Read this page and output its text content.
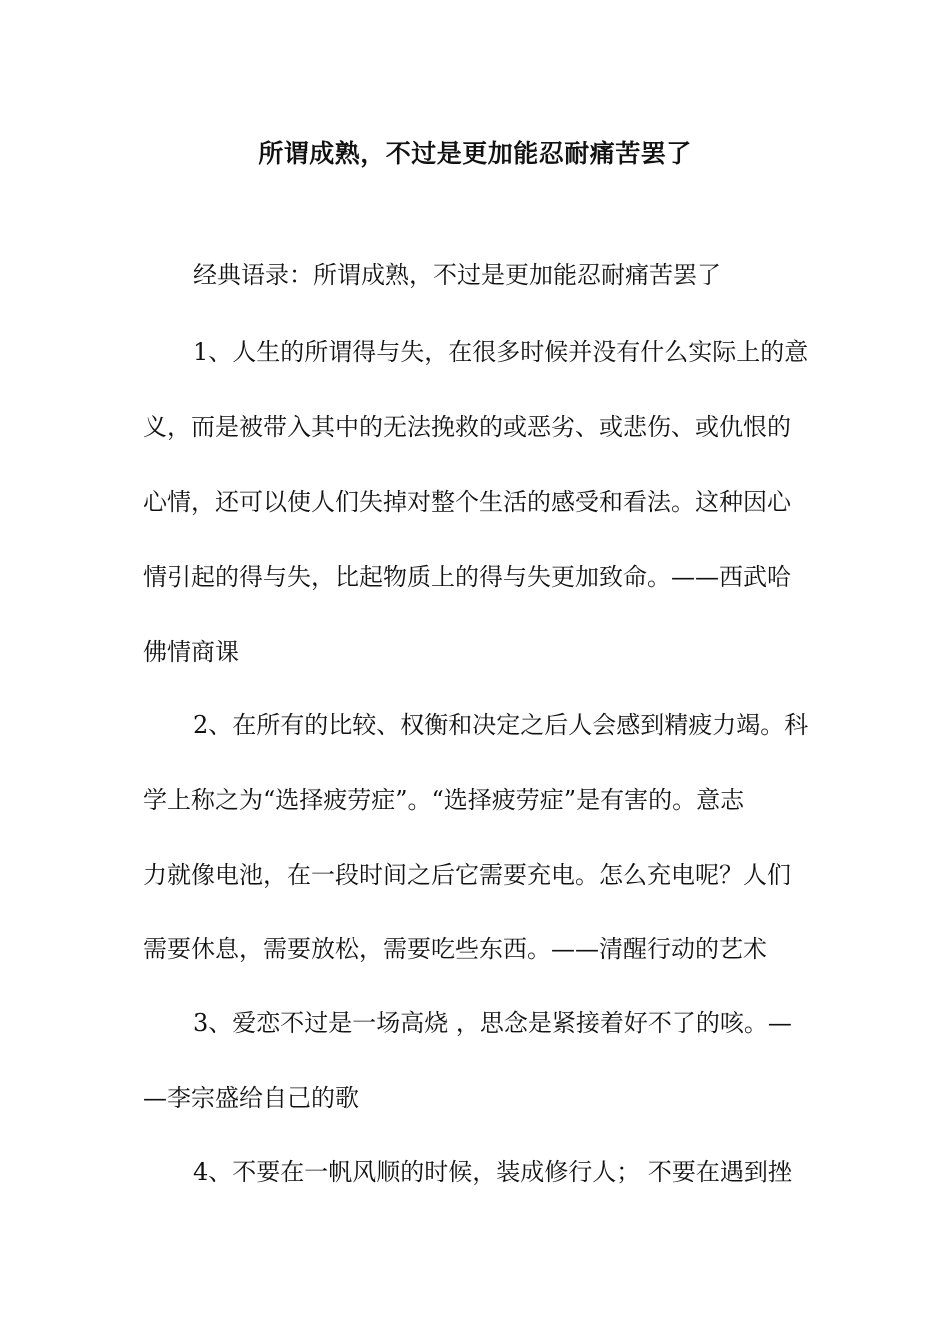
所谓成熟，不过是更加能忍耐痛苦罢了
经典语录：所谓成熟，不过是更加能忍耐痛苦罢了
1、人生的所谓得与失，在很多时候并没有什么实际上的意
义，而是被带入其中的无法挽救的或恶劣、或悲伤、或仇恨的
心情，还可以使人们失掉对整个生活的感受和看法。这种因心
情引起的得与失，比起物质上的得与失更加致命。——西武哈
佛情商课
2、在所有的比较、权衡和决定之后人会感到精疲力竭。科
学上称之为“选择疲劳症”。“选择疲劳症”是有害的。意志
力就像电池，在一段时间之后它需要充电。怎么充电呢？人们
需要休息，需要放松，需要吃些东西。——清醒行动的艺术
3、爱恋不过是一场高烧 ，思念是紧接着好不了的咳。—
—李宗盛给自己的歌
4、不要在一帆风顺的时候，装成修行人； 不要在遇到挫
